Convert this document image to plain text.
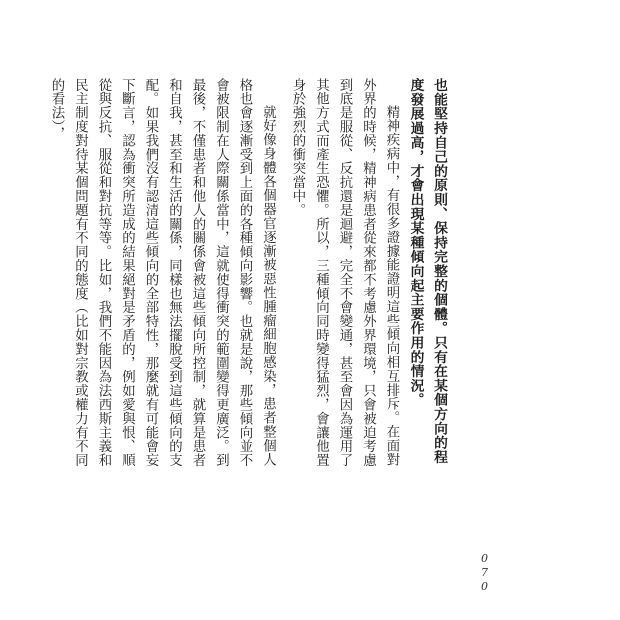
也能堅持自己的原則、保持完整的個體。只有在某個方向的程度發展過高，才會出現某種傾向起主要作用的情況。

精神疾病中，有很多證據能證明這些傾向相互排斥。在面對外界的時候，精神病患者從來都不考慮外界環境，只會被迫考慮到底是服從、反抗還是迴避，完全不會變通，甚至會因為運用了其他方式而產生恐懼。所以，三種傾向同時變得猛烈，會讓他置身於強烈的衝突當中。

就好像身體各個器官逐漸被惡性腫瘤細胞感染，患者整個人格也會逐漸受到上面的各種傾向影響。也就是說，那些傾向並不會被限制在人際關係當中，這就使得衝突的範圍變得更廣泛。到最後，不僅患者和他人的關係會被這些傾向所控制，就算是患者和自我，甚至和生活的關係，同樣也無法擺脫受到這些傾向的支配。如果我們沒有認清這些傾向的全部特性，那麼就有可能會妄下斷言，認為衝突所造成的結果絕對是矛盾的，例如愛與恨、順從與反抗、服從和對抗等等。比如，我們不能因為法西斯主義和民主制度對待某個問題有不同的態度（比如對宗教或權力有不同的看法），

070
